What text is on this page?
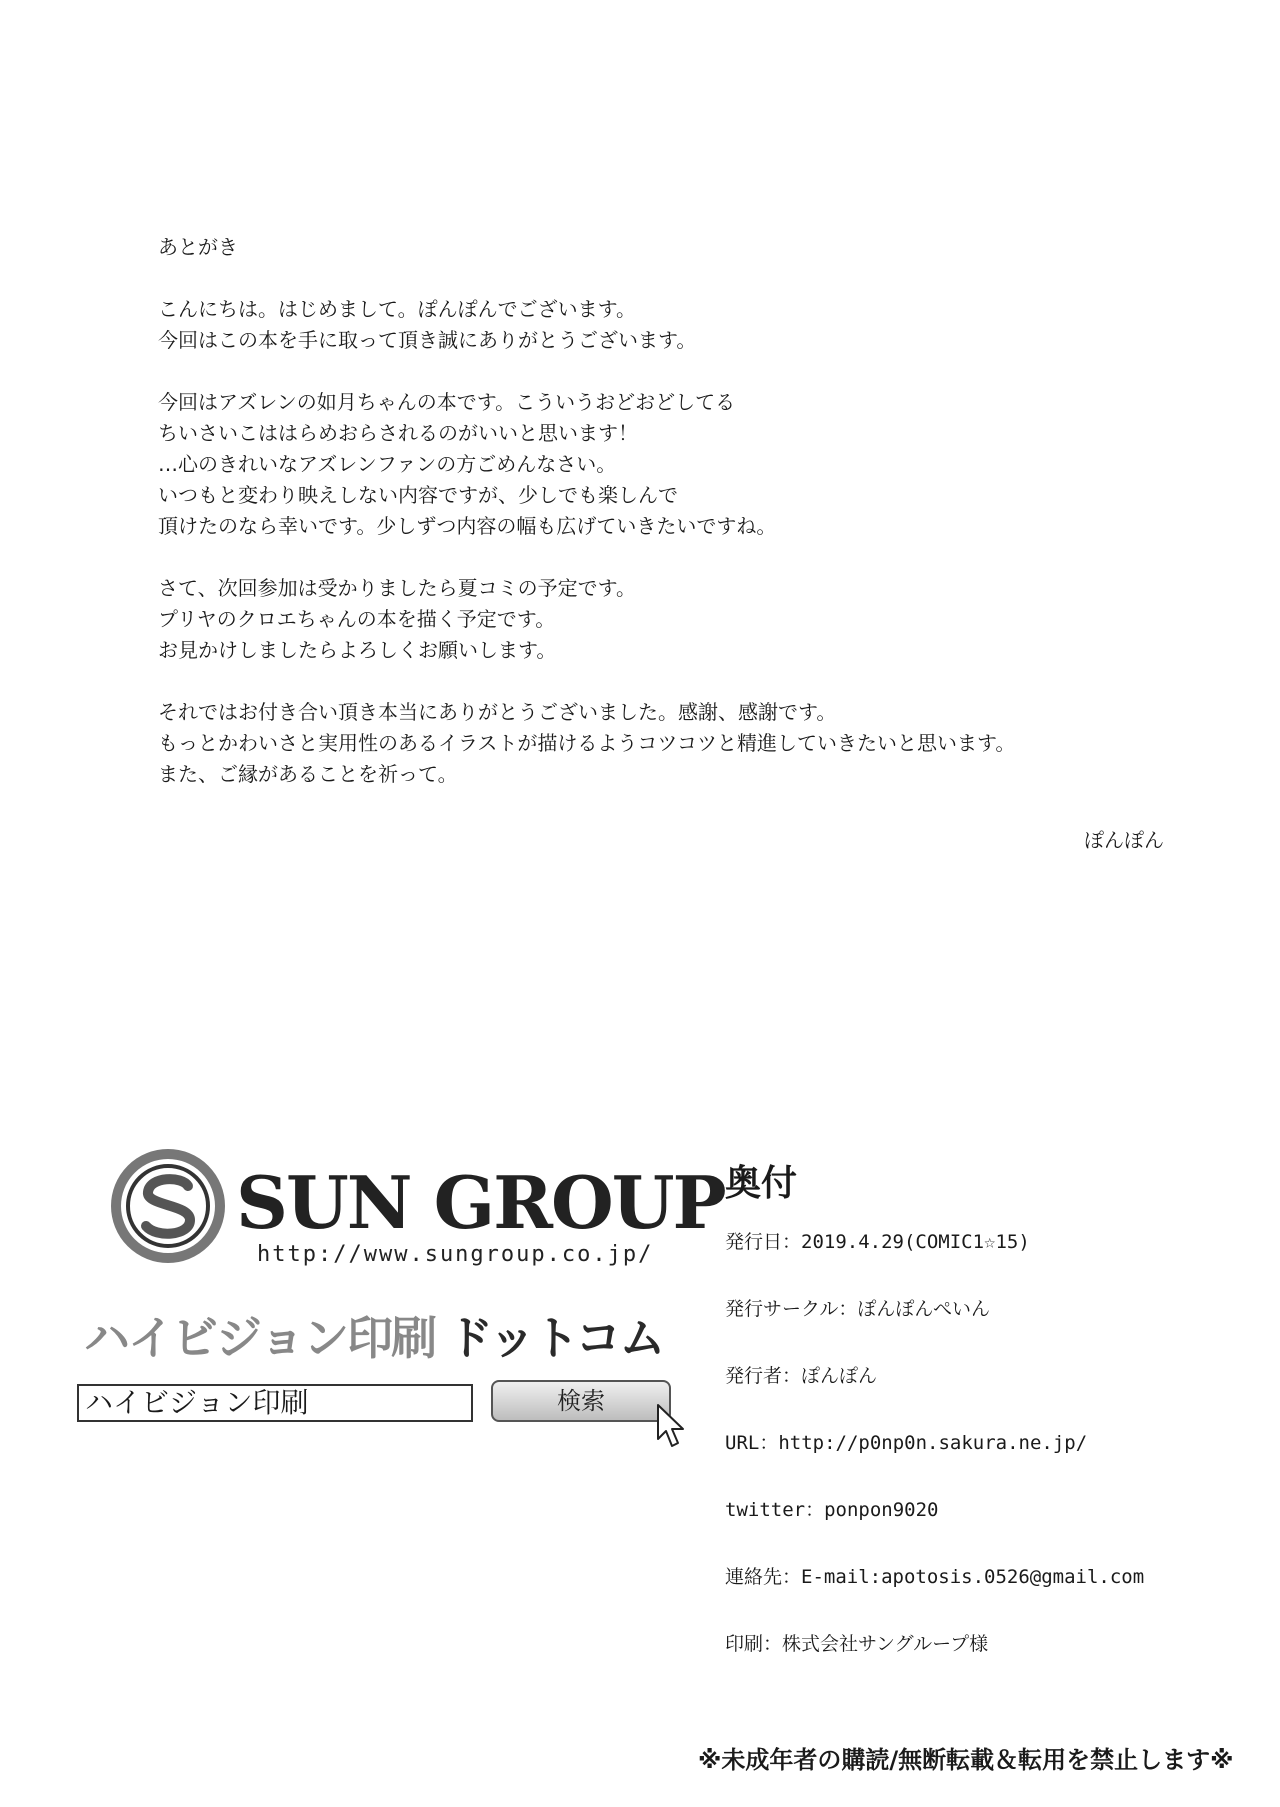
あとがき

こんにちは。はじめまして。ぽんぽんでございます。
今回はこの本を手に取って頂き誠にありがとうございます。

今回はアズレンの如月ちゃんの本です。こういうおどおどしてる
ちいさいこははらめおらされるのがいいと思います！
…心のきれいなアズレンファンの方ごめんなさい。
いつもと変わり映えしない内容ですが、少しでも楽しんで
頂けたのなら幸いです。少しずつ内容の幅も広げていきたいですね。

さて、次回参加は受かりましたら夏コミの予定です。
プリヤのクロエちゃんの本を描く予定です。
お見かけしましたらよろしくお願いします。

それではお付き合い頂き本当にありがとうございました。感謝、感謝です。
もっとかわいさと実用性のあるイラストが描けるようコツコツと精進していきたいと思います。
また、ご縁があることを祈って。

ぽんぽん
SUN GROUP
http://www.sungroup.co.jp/
ハイビジョン印刷 ドットコム
ハイビジョン印刷	検索
奥付
発行日：2019.4.29(COMIC1☆15)
発行サークル：ぽんぽんぺいん
発行者：ぽんぽん
URL：http://p0np0n.sakura.ne.jp/
twitter：ponpon9020
連絡先：E-mail:apotosis.0526@gmail.com
印刷：株式会社サングループ様
※未成年者の購読/無断転載＆転用を禁止します※
